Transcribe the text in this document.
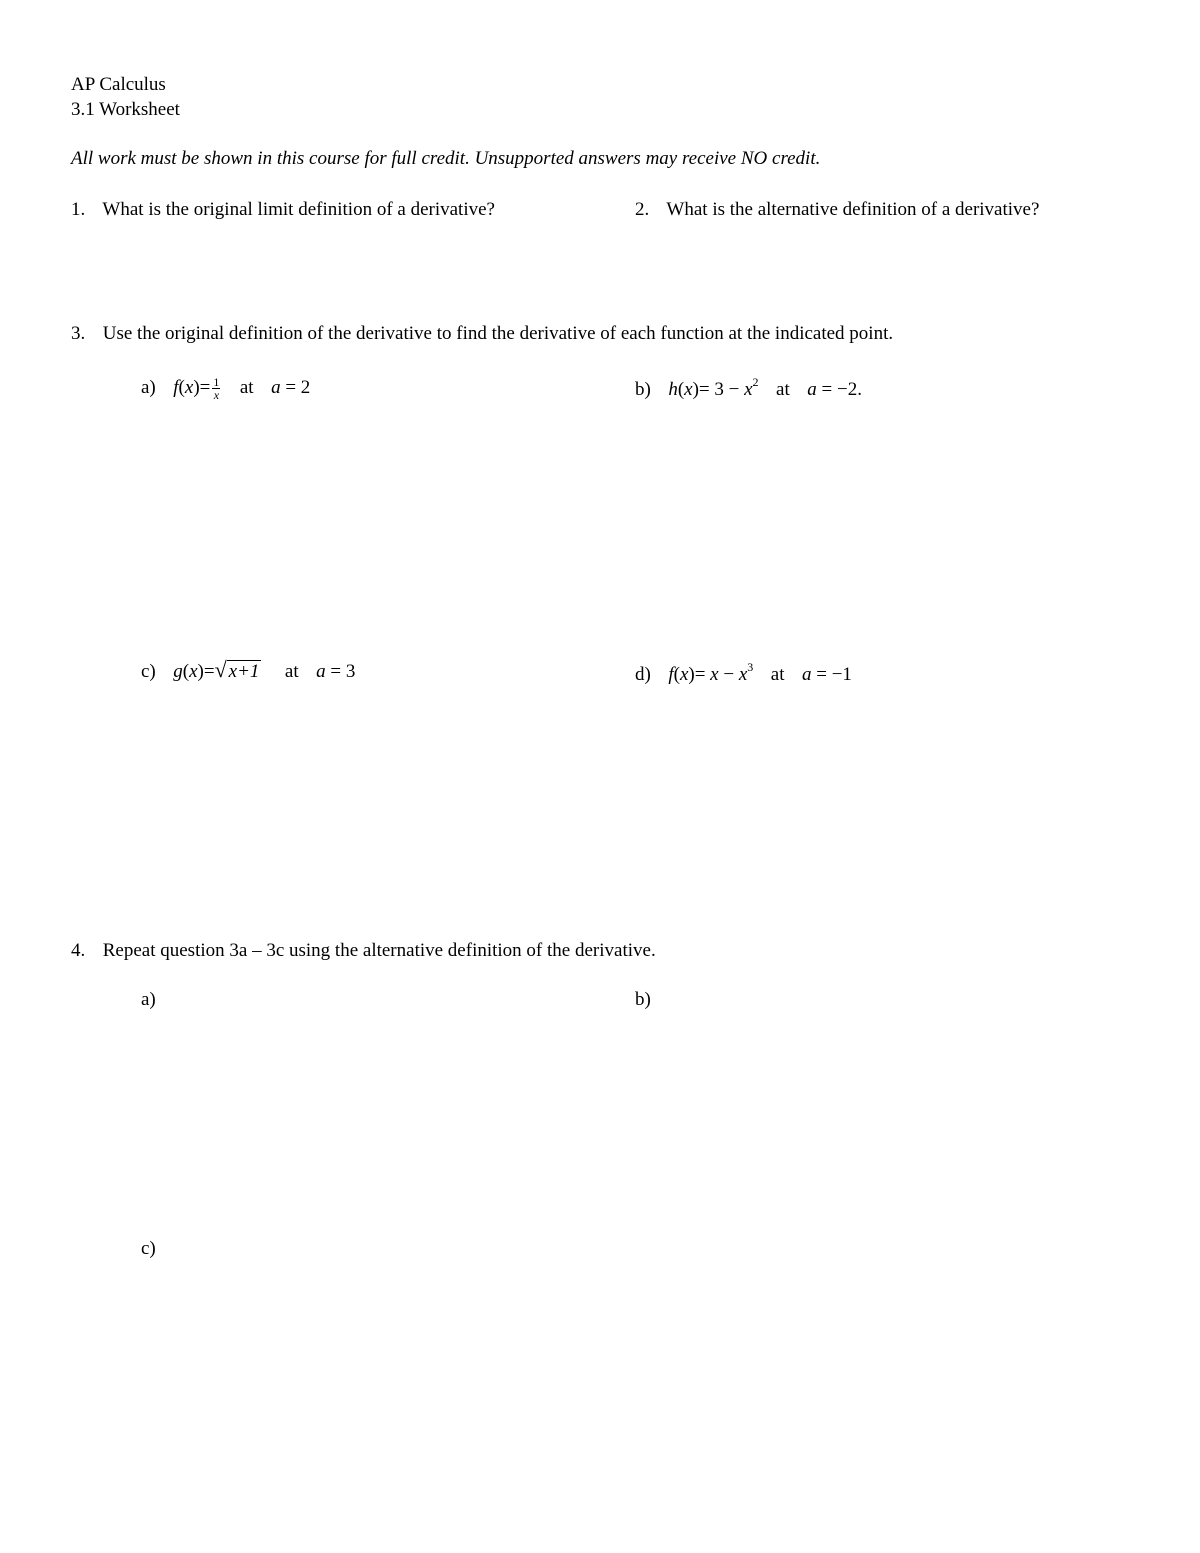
AP Calculus
3.1 Worksheet
All work must be shown in this course for full credit. Unsupported answers may receive NO credit.
1. What is the original limit definition of a derivative?	2. What is the alternative definition of a derivative?
3. Use the original definition of the derivative to find the derivative of each function at the indicated point.
a) $f(x)= \frac{1}{x}$ at a = 2	b) $h(x)= 3 - x^2$ at a = −2.
c) g(x)=√ x+1 at a = 3	d) $f(x)= x - x^3$ at a = −1
4. Repeat question 3a – 3c using the alternative definition of the derivative.
a)	b)
c)
